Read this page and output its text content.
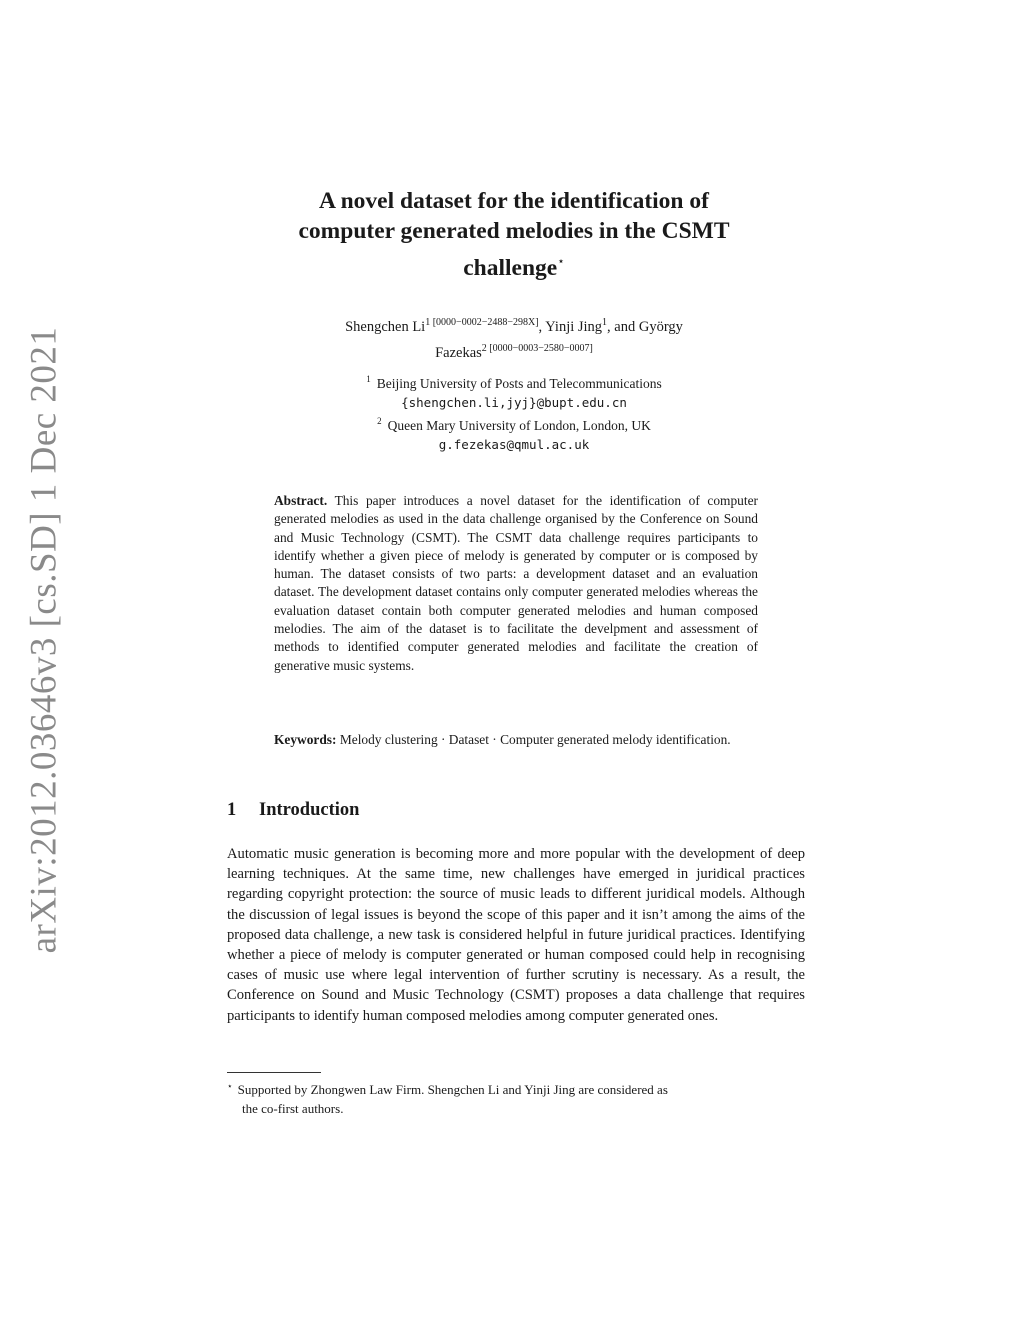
arXiv:2012.03646v3 [cs.SD] 1 Dec 2021
A novel dataset for the identification of
computer generated melodies in the CSMT
challenge⋆
Shengchen $Li^{1 [0000-0002-2488-298X]}$, Yinji Jing$^1$, and György
Fazekas$^{2 [0000-0003-2580-0007]}$
$^1$ Beijing University of Posts and Telecommunications
{shengchen.li,jyj}@bupt.edu.cn
$^2$ Queen Mary University of London, London, UK
g.fezekas@qmul.ac.uk
Abstract. This paper introduces a novel dataset for the identification of computer generated melodies as used in the data challenge organised by the Conference on Sound and Music Technology (CSMT). The CSMT data challenge requires participants to identify whether a given piece of melody is generated by computer or is composed by human. The dataset consists of two parts: a development dataset and an evaluation dataset. The development dataset contains only computer generated melodies whereas the evaluation dataset contain both computer generated melodies and human composed melodies. The aim of the dataset is to facilitate the develpment and assessment of methods to identified computer generated melodies and facilitate the creation of generative music systems.
Keywords: Melody clustering · Dataset · Computer generated melody identification.
1 Introduction
Automatic music generation is becoming more and more popular with the development of deep learning techniques. At the same time, new challenges have emerged in juridical practices regarding copyright protection: the source of music leads to different juridical models. Although the discussion of legal issues is beyond the scope of this paper and it isn’t among the aims of the proposed data challenge, a new task is considered helpful in future juridical practices. Identifying whether a piece of melody is computer generated or human composed could help in recognising cases of music use where legal intervention of further scrutiny is necessary. As a result, the Conference on Sound and Music Technology (CSMT) proposes a data challenge that requires participants to identify human composed melodies among computer generated ones.
⋆ Supported by Zhongwen Law Firm. Shengchen Li and Yinji Jing are considered as
the co-first authors.
